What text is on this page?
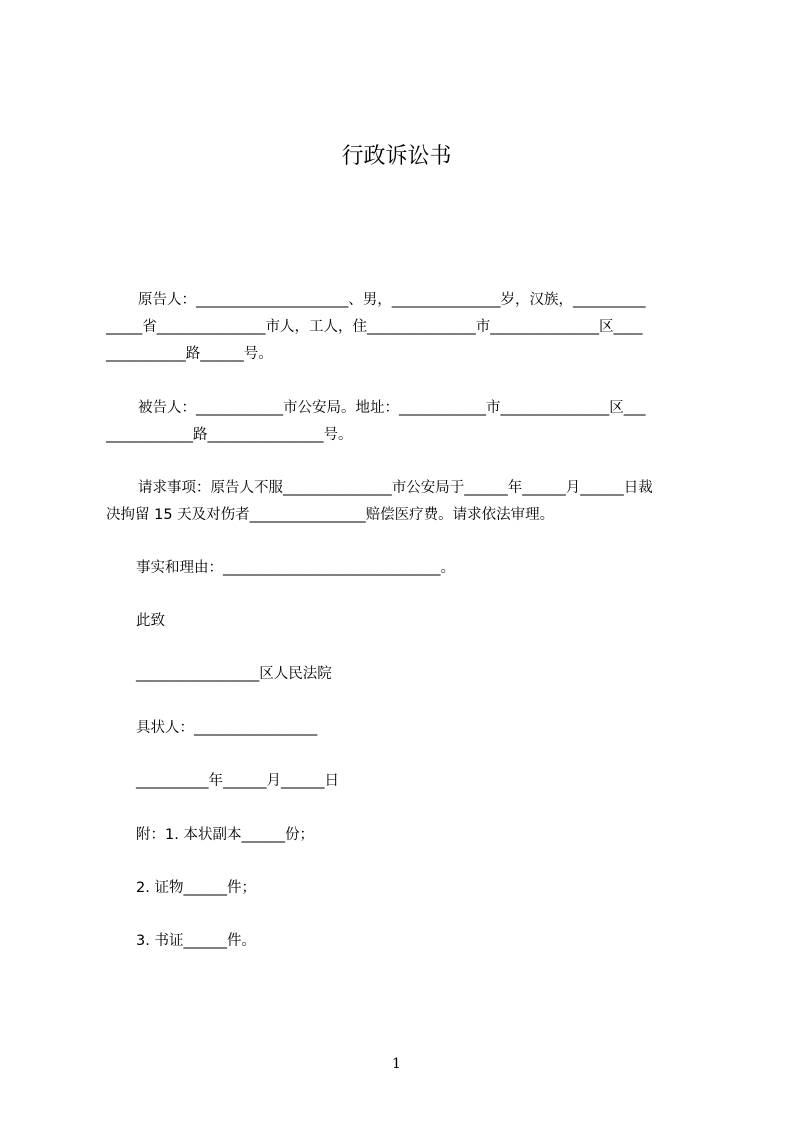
行政诉讼书

原告人：_____________________、男，_______________岁，汉族，__________

_____省_______________市人，工人，住_______________市_______________区____

___________路______号。

被告人：____________市公安局。地址：____________市_______________区___

____________路________________号。

请求事项：原告人不服_______________市公安局于______年______月______日裁

决拘留 15 天及对伤者________________赔偿医疗费。请求依法审理。

事实和理由：______________________________。

此致

_________________区人民法院

具状人：_________________

__________年______月______日

附：1. 本状副本______份；

2. 证物______件；

3. 书证______件。

1
